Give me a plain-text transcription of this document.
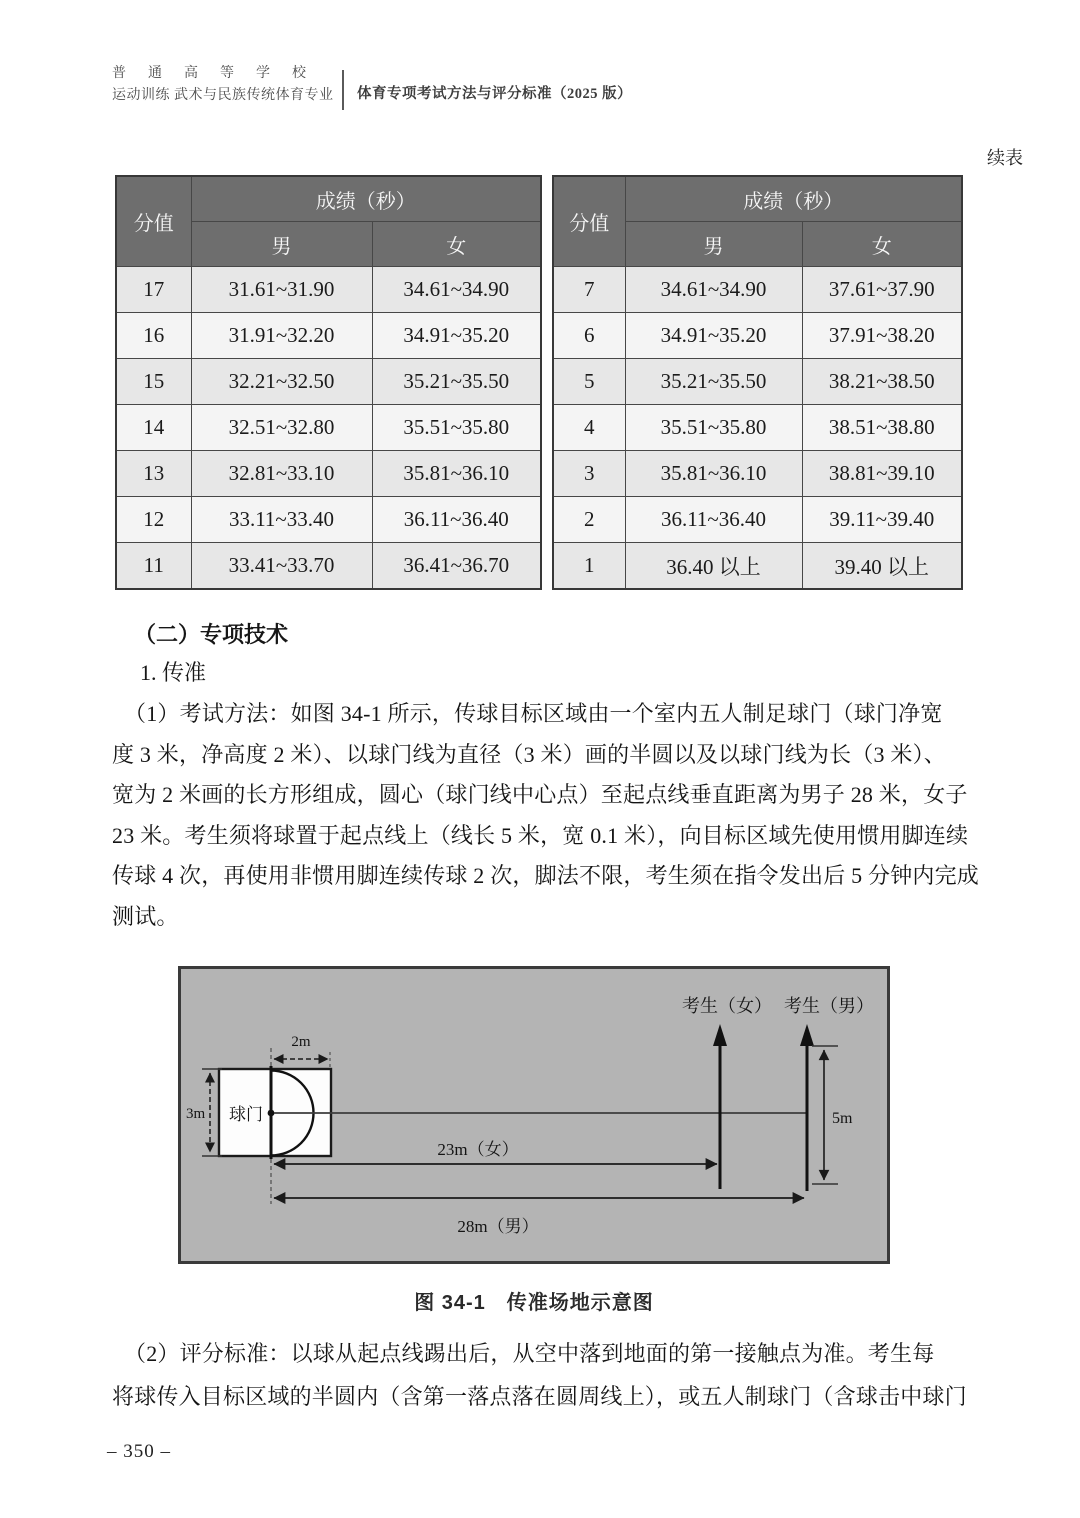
普通高等学校
运动训练 武术与民族传统体育专业 体育专项考试方法与评分标准（2025 版）
续表
分值	成绩（秒）	
	男	女
17	31.61~31.90	34.61~34.90
16	31.91~32.20	34.91~35.20
15	32.21~32.50	35.21~35.50
14	32.51~32.80	35.51~35.80
13	32.81~33.10	35.81~36.10
12	33.11~33.40	36.11~36.40
11	33.41~33.70	36.41~36.70
分值	成绩（秒）	
	男	女
7	34.61~34.90	37.61~37.90
6	34.91~35.20	37.91~38.20
5	35.21~35.50	38.21~38.50
4	35.51~35.80	38.51~38.80
3	35.81~36.10	38.81~39.10
2	36.11~36.40	39.11~39.40
1	36.40 以上	39.40 以上
（二）专项技术
1. 传准
（1）考试方法：如图 34-1 所示，传球目标区域由一个室内五人制足球门（球门净宽
度 3 米，净高度 2 米）、以球门线为直径（3 米）画的半圆以及以球门线为长（3 米）、
宽为 2 米画的长方形组成，圆心（球门线中心点）至起点线垂直距离为男子 28 米，女子
23 米。考生须将球置于起点线上（线长 5 米，宽 0.1 米），向目标区域先使用惯用脚连续
传球 4 次，再使用非惯用脚连续传球 2 次，脚法不限，考生须在指令发出后 5 分钟内完成
测试。
球门
考生（女） 考生（男）
2m
3m	5m
23m（女）
28m（男）
图 34-1　传准场地示意图
（2）评分标准：以球从起点线踢出后，从空中落到地面的第一接触点为准。考生每
将球传入目标区域的半圆内（含第一落点落在圆周线上），或五人制球门（含球击中球门
– 350 –
